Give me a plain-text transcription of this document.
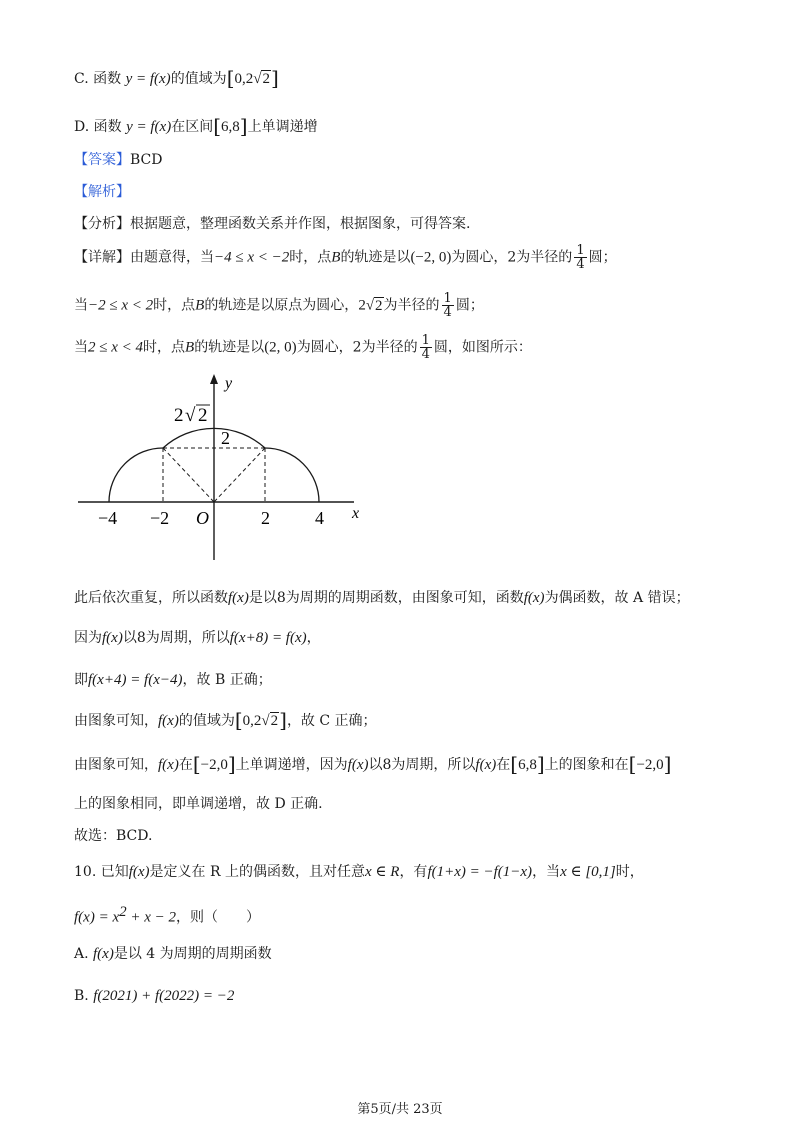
C. 函数 y = f(x)的值域为[0,2√2]
D. 函数 y = f(x)在区间[6,8]上单调递增
【答案】BCD
【解析】
【分析】根据题意，整理函数关系并作图，根据图象，可得答案.
【详解】由题意得，当−4 ≤ x < −2时，点B的轨迹是以(−2, 0)为圆心，2为半径的 $\frac{1}{4}$ 圆；
当−2 ≤ x < 2时，点B的轨迹是以原点为圆心，2√2为半径的 $\frac{1}{4}$ 圆；
当2 ≤ x < 4时，点B的轨迹是以(2, 0)为圆心，2为半径的 $\frac{1}{4}$ 圆，如图所示：
y
x
2 √ 2
2
O
−4 −2	2	4
此后依次重复，所以函数f(x)是以8为周期的周期函数，由图象可知，函数f(x)为偶函数，故 A 错误；
因为f(x)以8为周期，所以f(x+8) = f(x)，
即f(x+4) = f(x−4)，故 B 正确；
由图象可知，f(x)的值域为[0,2√2]，故 C 正确；
由图象可知，f(x)在[−2,0]上单调递增，因为f(x)以8为周期，所以f(x)在[6,8]上的图象和在[−2,0]
上的图象相同，即单调递增，故 D 正确.
故选：BCD.
10. 已知f(x)是定义在 R 上的偶函数，且对任意x ∈ R，有f(1+x) = −f(1−x)，当x ∈ [0,1]时，
$f(x) = x^2 + x - 2$，则（　　）
A. f(x)是以 4 为周期的周期函数
B. f(2021) + f(2022) = −2
第5页/共 23页
